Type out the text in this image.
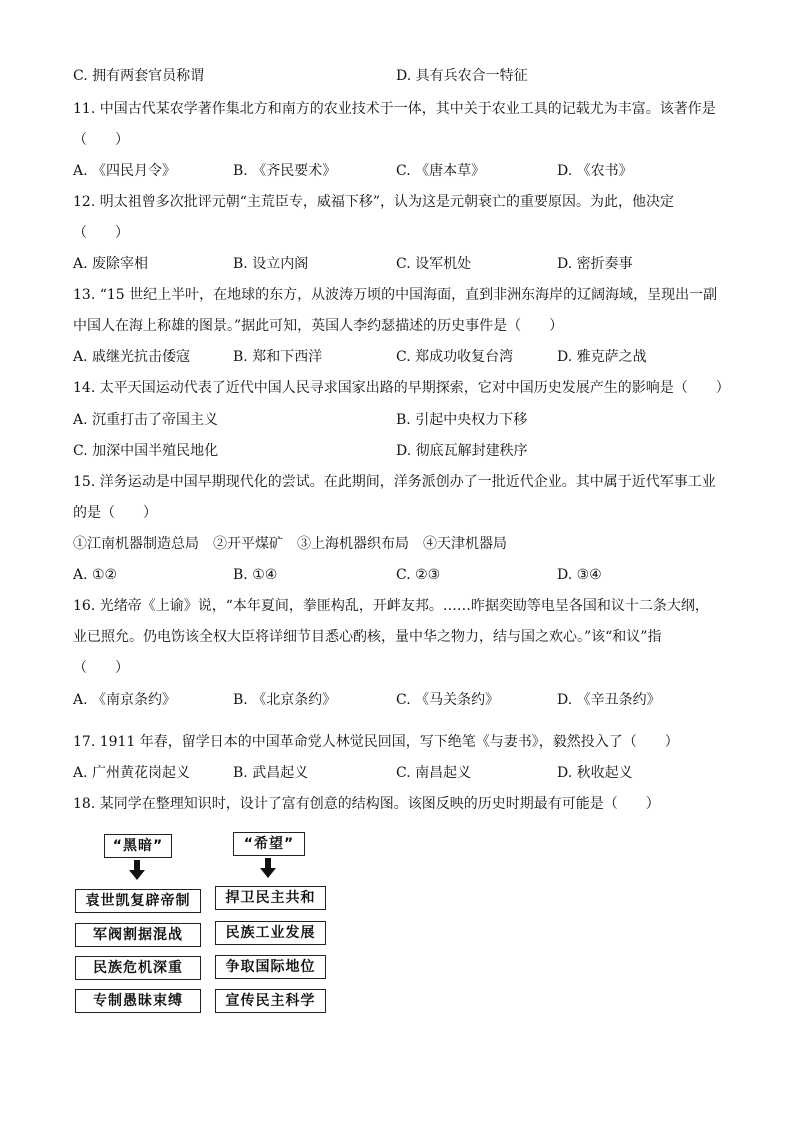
C. 拥有两套官员称谓	D. 具有兵农合一特征
11. 中国古代某农学著作集北方和南方的农业技术于一体，其中关于农业工具的记载尤为丰富。该著作是
（　　）
A. 《四民月令》	B. 《齐民要术》	C. 《唐本草》	D. 《农书》
12. 明太祖曾多次批评元朝“主荒臣专，威福下移”，认为这是元朝衰亡的重要原因。为此，他决定
（　　）
A. 废除宰相	B. 设立内阁	C. 设军机处	D. 密折奏事
13. “15 世纪上半叶，在地球的东方，从波涛万顷的中国海面，直到非洲东海岸的辽阔海域，呈现出一副
中国人在海上称雄的图景。”据此可知，英国人李约瑟描述的历史事件是（　　）
A. 戚继光抗击倭寇	B. 郑和下西洋	C. 郑成功收复台湾	D. 雅克萨之战
14. 太平天国运动代表了近代中国人民寻求国家出路的早期探索，它对中国历史发展产生的影响是（　　）
A. 沉重打击了帝国主义	B. 引起中央权力下移
C. 加深中国半殖民地化	D. 彻底瓦解封建秩序
15. 洋务运动是中国早期现代化的尝试。在此期间，洋务派创办了一批近代企业。其中属于近代军事工业
的是（　　）
①江南机器制造总局　②开平煤矿　③上海机器织布局　④天津机器局
A. ①②	B. ①④	C. ②③	D. ③④
16. 光绪帝《上谕》说，“本年夏间，拳匪构乱，开衅友邦。……昨据奕劻等电呈各国和议十二条大纲，
业已照允。仍电饬该全权大臣将详细节目悉心酌核，量中华之物力，结与国之欢心。”该“和议”指
（　　）
A. 《南京条约》	B. 《北京条约》	C. 《马关条约》	D. 《辛丑条约》
17. 1911 年春，留学日本的中国革命党人林觉民回国，写下绝笔《与妻书》，毅然投入了（　　）
A. 广州黄花岗起义	B. 武昌起义	C. 南昌起义	D. 秋收起义
18. 某同学在整理知识时，设计了富有创意的结构图。该图反映的历史时期最有可能是（　　）
“黑暗”
袁世凯复辟帝制
军阀割据混战
民族危机深重
专制愚昧束缚
“希望”
捍卫民主共和
民族工业发展
争取国际地位
宣传民主科学
